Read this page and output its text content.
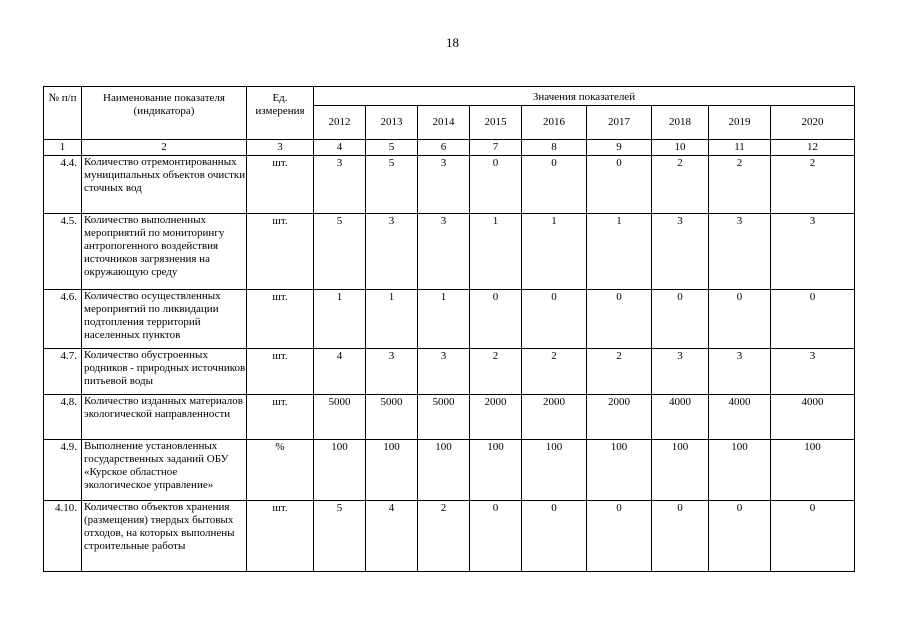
18
№ п/п	Наименование показателя (индикатора)	Ед. измерения	Значения показателей								
			2012	2013	2014	2015	2016	2017	2018	2019	2020
1	2	3	4	5	6	7	8	9	10	11	12
4.4.	Количество отремонтированных муниципальных объектов очистки сточных вод	шт.	3	5	3	0	0	0	2	2	2
4.5.	Количество выполненных мероприятий по мониторингу антропогенного воздействия источников загрязнения на окружающую среду	шт.	5	3	3	1	1	1	3	3	3
4.6.	Количество осуществленных мероприятий по ликвидации подтопления территорий населенных пунктов	шт.	1	1	1	0	0	0	0	0	0
4.7.	Количество обустроенных родников - природных источников питьевой воды	шт.	4	3	3	2	2	2	3	3	3
4.8.	Количество изданных материалов экологической направленности	шт.	5000	5000	5000	2000	2000	2000	4000	4000	4000
4.9.	Выполнение установленных государственных заданий ОБУ «Курское областное экологическое управление»	%	100	100	100	100	100	100	100	100	100
4.10.	Количество объектов хранения (размещения) твердых бытовых отходов, на которых выполнены строительные работы	шт.	5	4	2	0	0	0	0	0	0
